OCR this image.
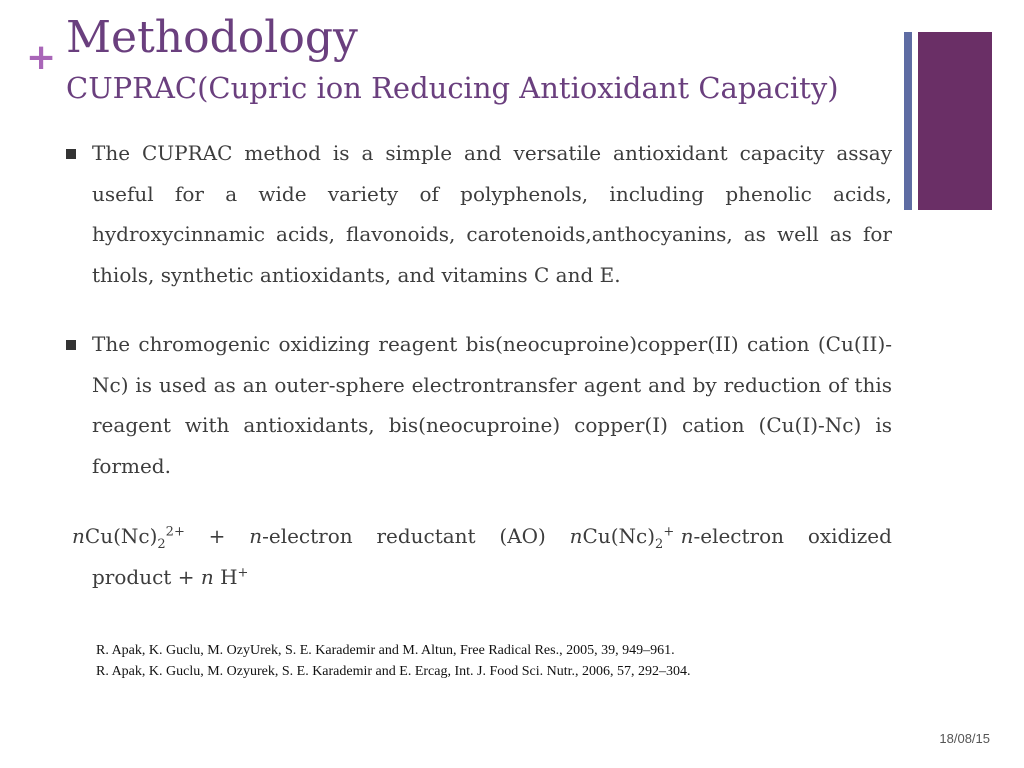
+ Methodology
CUPRAC(Cupric ion Reducing Antioxidant Capacity)

The CUPRAC method is a simple and versatile antioxidant capacity assay useful for a wide variety of polyphenols, including phenolic acids, hydroxycinnamic acids, flavonoids, carotenoids,anthocyanins, as well as for thiols, synthetic antioxidants, and vitamins C and E.

The chromogenic oxidizing reagent bis(neocuproine)copper(II) cation (Cu(II)-Nc) is used as an outer-sphere electrontransfer agent and by reduction of this reagent with antioxidants, bis(neocuproine) copper(I) cation (Cu(I)-Nc) is formed.

$nCu(Nc)_2^{2+}$ + n-electron reductant (AO) $nCu(Nc)_2^+$ n-electron oxidized
product + n H+
R. Apak, K. Guclu, M. OzyUrek, S. E. Karademir and M. Altun, Free Radical Res., 2005, 39, 949–961.
R. Apak, K. Guclu, M. Ozyurek, S. E. Karademir and E. Ercag, Int. J. Food Sci. Nutr., 2006, 57, 292–304.
18/08/15
